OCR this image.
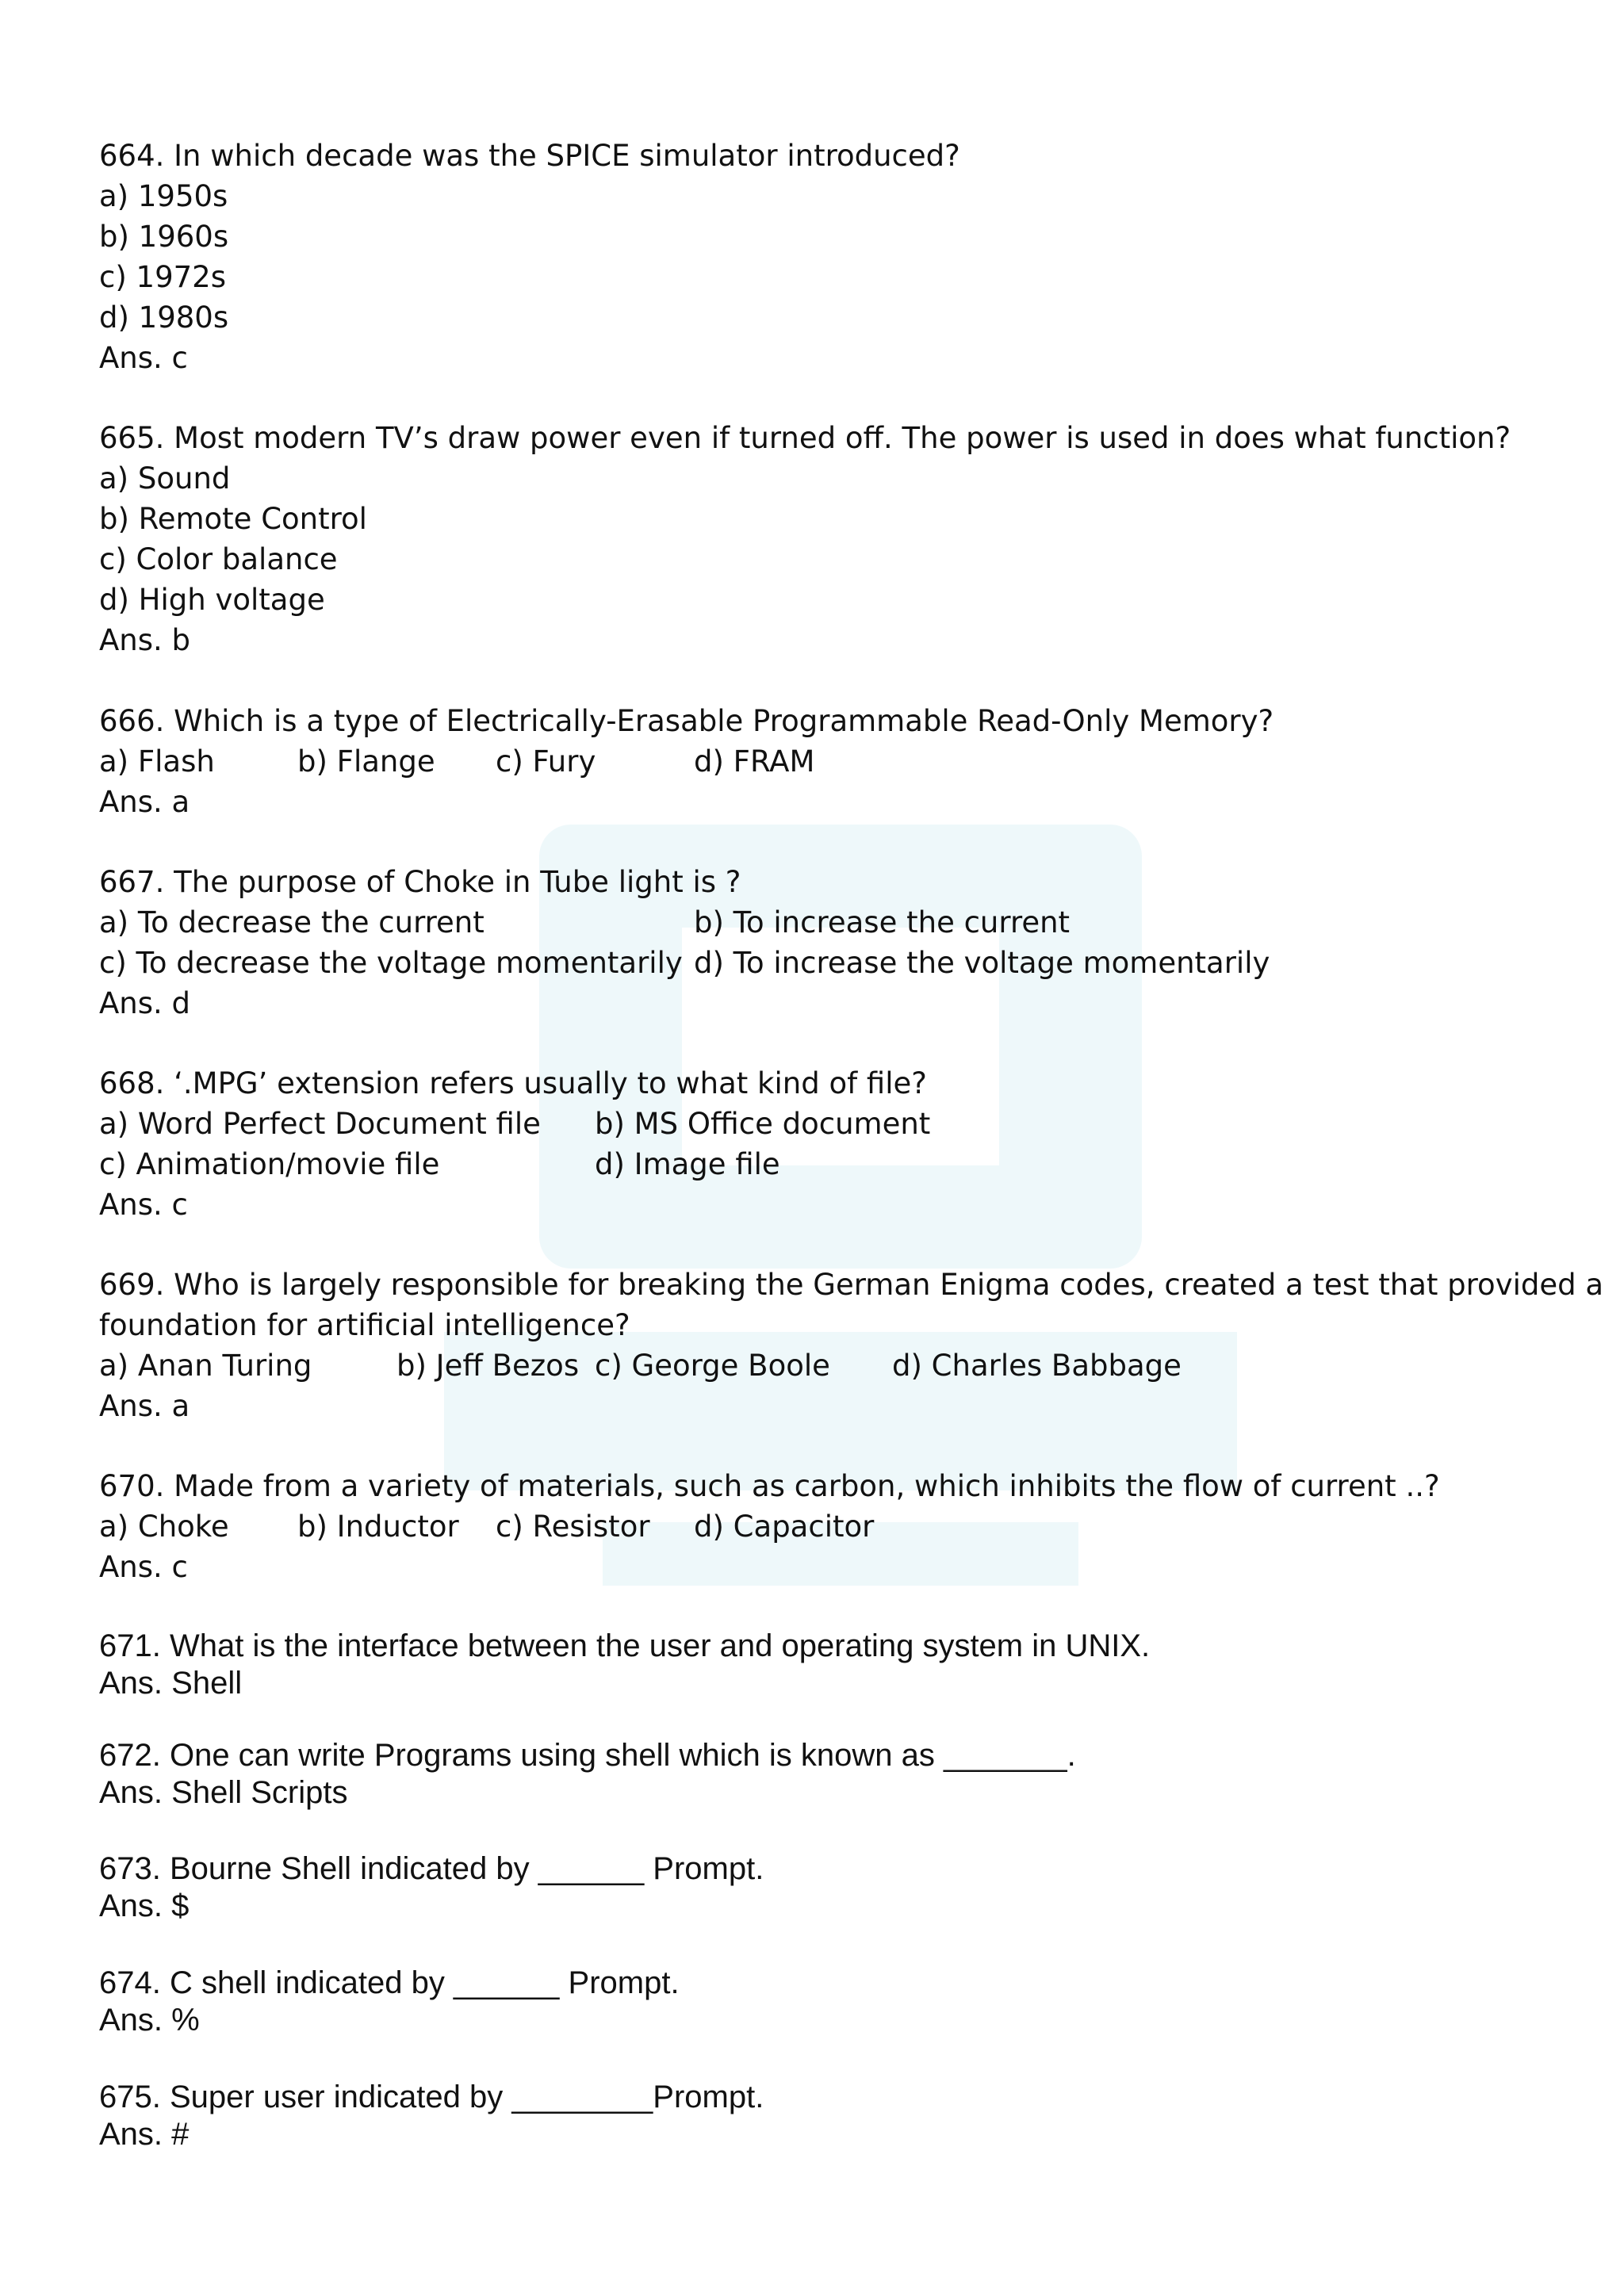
664. In which decade was the SPICE simulator introduced?
a) 1950s
b) 1960s
c) 1972s
d) 1980s
Ans. c
665. Most modern TV’s draw power even if turned off. The power is used in does what function?
a) Sound
b) Remote Control
c) Color balance
d) High voltage
Ans. b
666. Which is a type of Electrically-Erasable Programmable Read-Only Memory?
a) Flash	b) Flange c) Fury	d) FRAM
Ans. a
667. The purpose of Choke in Tube light is ?
a) To decrease the current	b) To increase the current
c) To decrease the voltage momentarily d) To increase the voltage momentarily
Ans. d
668. ‘.MPG’ extension refers usually to what kind of file?
a) Word Perfect Document file b) MS Office document
c) Animation/movie file	d) Image file
Ans. c
669. Who is largely responsible for breaking the German Enigma codes, created a test that provided a
foundation for artificial intelligence?
a) Anan Turing	b) Jeff Bezos c) George Boole d) Charles Babbage
Ans. a
670. Made from a variety of materials, such as carbon, which inhibits the flow of current ..?
a) Choke b) Inductor c) Resistor d) Capacitor
Ans. c
671. What is the interface between the user and operating system in UNIX.
Ans. Shell
672. One can write Programs using shell which is known as _______.
Ans. Shell Scripts
673. Bourne Shell indicated by ______ Prompt.
Ans. $
674. C shell indicated by ______ Prompt.
Ans. %
675. Super user indicated by ________Prompt.
Ans. #
